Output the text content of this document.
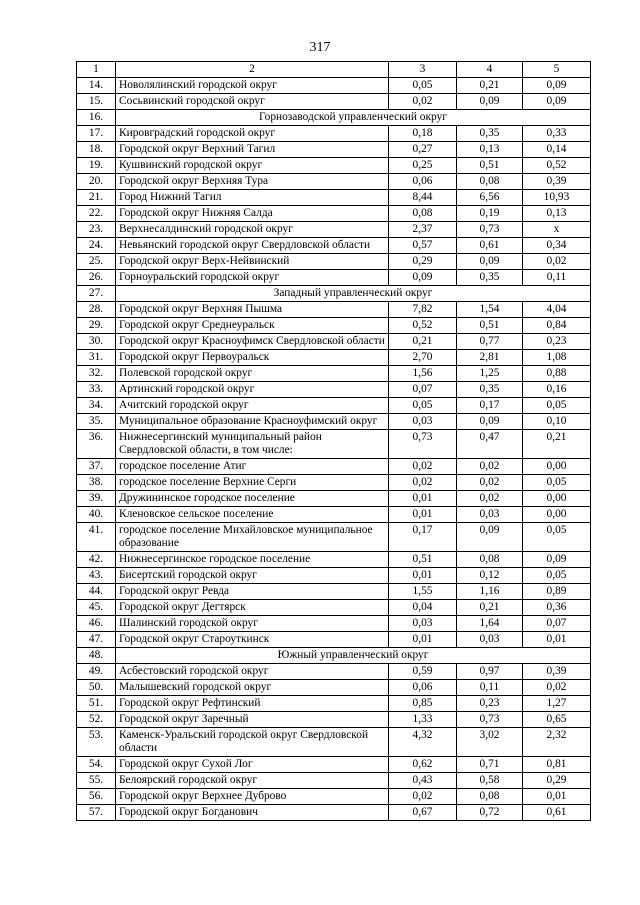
317
1	2	3	4	5
14.	Новолялинский городской округ	0,05	0,21	0,09
15.	Сосьвинский городской округ	0,02	0,09	0,09
16.	Горнозаводской управленческий округ			
17.	Кировградский городской округ	0,18	0,35	0,33
18.	Городской округ Верхний Тагил	0,27	0,13	0,14
19.	Кушвинский городской округ	0,25	0,51	0,52
20.	Городской округ Верхняя Тура	0,06	0,08	0,39
21.	Город Нижний Тагил	8,44	6,56	10,93
22.	Городской округ Нижняя Салда	0,08	0,19	0,13
23.	Верхнесалдинский городской округ	2,37	0,73	х
24.	Невьянский городской округ Свердловской области	0,57	0,61	0,34
25.	Городской округ Верх-Нейвинский	0,29	0,09	0,02
26.	Горноуральский городской округ	0,09	0,35	0,11
27.	Западный управленческий округ			
28.	Городской округ Верхняя Пышма	7,82	1,54	4,04
29.	Городской округ Среднеуральск	0,52	0,51	0,84
30.	Городской округ Красноуфимск Свердловской области	0,21	0,77	0,23
31.	Городской округ Первоуральск	2,70	2,81	1,08
32.	Полевской городской округ	1,56	1,25	0,88
33.	Артинский городской округ	0,07	0,35	0,16
34.	Ачитский городской округ	0,05	0,17	0,05
35.	Муниципальное образование Красноуфимский округ	0,03	0,09	0,10
36.	Нижнесергинский муниципальный район Свердловской области, в том числе:	0,73	0,47	0,21
37.	городское поселение Атиг	0,02	0,02	0,00
38.	городское поселение Верхние Серги	0,02	0,02	0,05
39.	Дружининское городское поселение	0,01	0,02	0,00
40.	Кленовское сельское поселение	0,01	0,03	0,00
41.	городское поселение Михайловское муниципальное образование	0,17	0,09	0,05
42.	Нижнесергинское городское поселение	0,51	0,08	0,09
43.	Бисертский городской округ	0,01	0,12	0,05
44.	Городской округ Ревда	1,55	1,16	0,89
45.	Городской округ Дегтярск	0,04	0,21	0,36
46.	Шалинский городской округ	0,03	1,64	0,07
47.	Городской округ Староуткинск	0,01	0,03	0,01
48.	Южный управленческий округ			
49.	Асбестовский городской округ	0,59	0,97	0,39
50.	Малышевский городской округ	0,06	0,11	0,02
51.	Городской округ Рефтинский	0,85	0,23	1,27
52.	Городской округ Заречный	1,33	0,73	0,65
53.	Каменск-Уральский городской округ Свердловской области	4,32	3,02	2,32
54.	Городской округ Сухой Лог	0,62	0,71	0,81
55.	Белоярский городской округ	0,43	0,58	0,29
56.	Городской округ Верхнее Дуброво	0,02	0,08	0,01
57.	Городской округ Богданович	0,67	0,72	0,61
